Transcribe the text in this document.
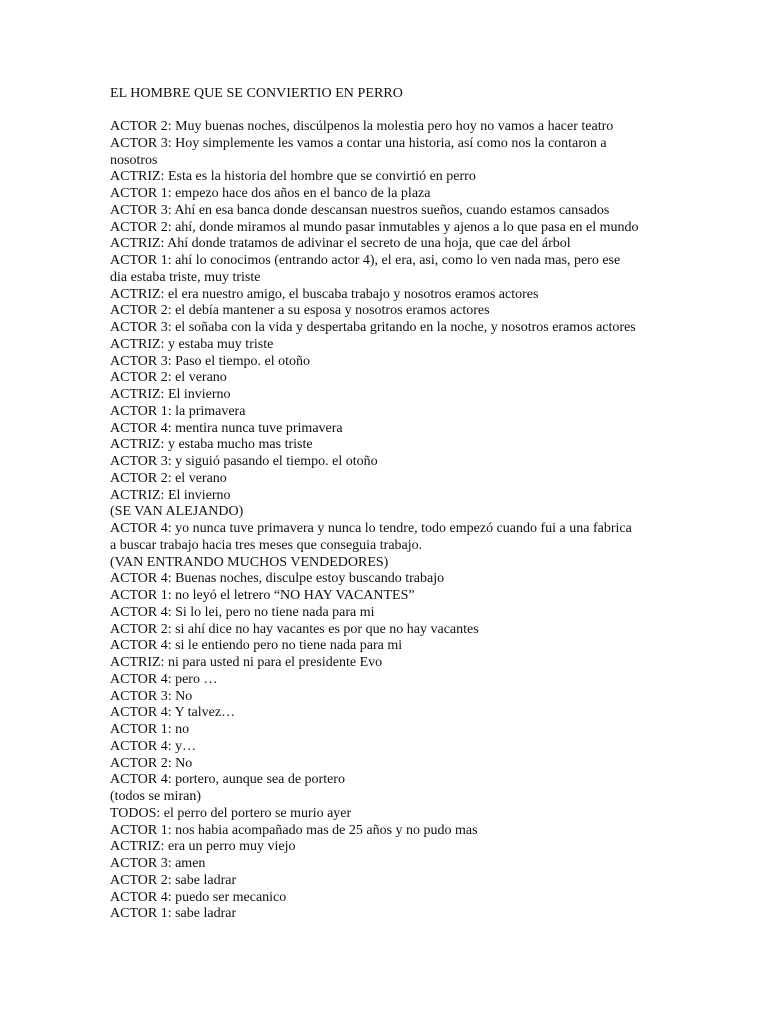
EL HOMBRE QUE SE CONVIERTIO EN PERRO
ACTOR 2: Muy buenas noches, discúlpenos la molestia pero hoy no vamos a hacer teatro
ACTOR 3: Hoy simplemente les vamos a contar una historia, así como nos la contaron a
nosotros
ACTRIZ: Esta es la historia del hombre que se convirtió en perro
ACTOR 1: empezo hace dos años en el banco de la plaza
ACTOR 3: Ahí en esa banca donde descansan nuestros sueños, cuando estamos cansados
ACTOR 2: ahí, donde miramos al mundo pasar inmutables y ajenos a lo que pasa en el mundo
ACTRIZ: Ahí donde tratamos de adivinar el secreto de una hoja, que cae del árbol
ACTOR 1: ahí lo conocimos (entrando actor 4), el era, asi, como lo ven nada mas, pero ese
dia estaba triste, muy triste
ACTRIZ: el era nuestro amigo, el buscaba trabajo y nosotros eramos actores
ACTOR 2: el debía mantener a su esposa y nosotros eramos actores
ACTOR 3: el soñaba con la vida y despertaba gritando en la noche, y nosotros eramos actores
ACTRIZ: y estaba muy triste
ACTOR 3: Paso el tiempo. el otoño
ACTOR 2: el verano
ACTRIZ: El invierno
ACTOR 1: la primavera
ACTOR 4: mentira nunca tuve primavera
ACTRIZ: y estaba mucho mas triste
ACTOR 3: y siguió pasando el tiempo. el otoño
ACTOR 2: el verano
ACTRIZ: El invierno
(SE VAN ALEJANDO)
ACTOR 4: yo nunca tuve primavera y nunca lo tendre, todo empezó cuando fui a una fabrica
a buscar trabajo hacia tres meses que conseguia trabajo.
(VAN ENTRANDO MUCHOS VENDEDORES)
ACTOR 4: Buenas noches, disculpe estoy buscando trabajo
ACTOR 1: no leyó el letrero “NO HAY VACANTES”
ACTOR 4: Si lo lei, pero no tiene nada para mi
ACTOR 2: si ahí dice no hay vacantes es por que no hay vacantes
ACTOR 4: si le entiendo pero no tiene nada para mi
ACTRIZ: ni para usted ni para el presidente Evo
ACTOR 4: pero …
ACTOR 3: No
ACTOR 4: Y talvez…
ACTOR 1: no
ACTOR 4: y…
ACTOR 2: No
ACTOR 4: portero, aunque sea de portero
(todos se miran)
TODOS: el perro del portero se murio ayer
ACTOR 1: nos habia acompañado mas de 25 años y no pudo mas
ACTRIZ: era un perro muy viejo
ACTOR 3: amen
ACTOR 2: sabe ladrar
ACTOR 4: puedo ser mecanico
ACTOR 1: sabe ladrar
